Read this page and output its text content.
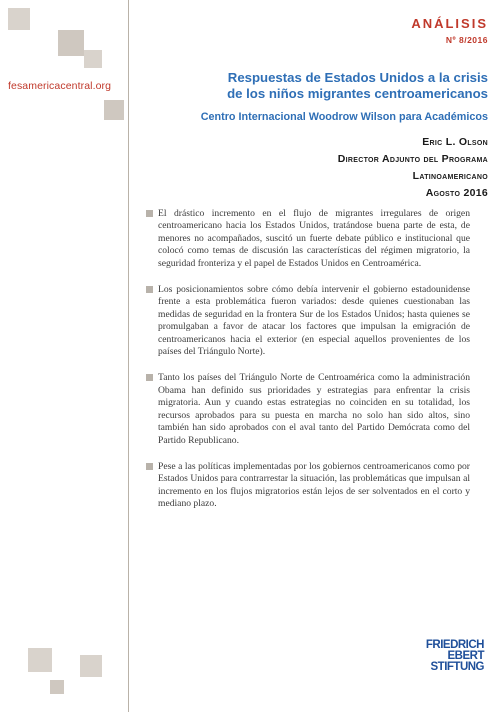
fesamericacentral.org
ANÁLISIS
Nº 8/2016
Respuestas de Estados Unidos a la crisis
de los niños migrantes centroamericanos
Centro Internacional Woodrow Wilson para Académicos
Eric L. Olson
Director Adjunto del Programa
Latinoamericano
Agosto 2016

El drástico incremento en el flujo de migrantes irregulares de origen centroamericano hacia los Estados Unidos, tratándose buena parte de esta, de menores no acompañados, suscitó un fuerte debate público e institucional que colocó como temas de discusión las características del régimen migratorio, la seguridad fronteriza y el papel de Estados Unidos en Centroamérica.

Los posicionamientos sobre cómo debía intervenir el gobierno estadounidense frente a esta problemática fueron variados: desde quienes cuestionaban las medidas de seguridad en la frontera Sur de los Estados Unidos; hasta quienes se promulgaban a favor de atacar los factores que impulsan la emigración de centroamericanos hacia el exterior (en especial aquellos provenientes de los países del Triángulo Norte).

Tanto los países del Triángulo Norte de Centroamérica como la administración Obama han definido sus prioridades y estrategias para enfrentar la crisis migratoria. Aun y cuando estas estrategias no coinciden en su totalidad, los recursos aprobados para su puesta en marcha no solo han sido altos, sino también han sido aprobados con el aval tanto del Partido Demócrata como del Partido Republicano.

Pese a las políticas implementadas por los gobiernos centroamericanos como por Estados Unidos para contrarrestar la situación, las problemáticas que impulsan al incremento en los flujos migratorios están lejos de ser solventados en el corto y mediano plazo.

FRIEDRICH
EBERT
STIFTUNG
